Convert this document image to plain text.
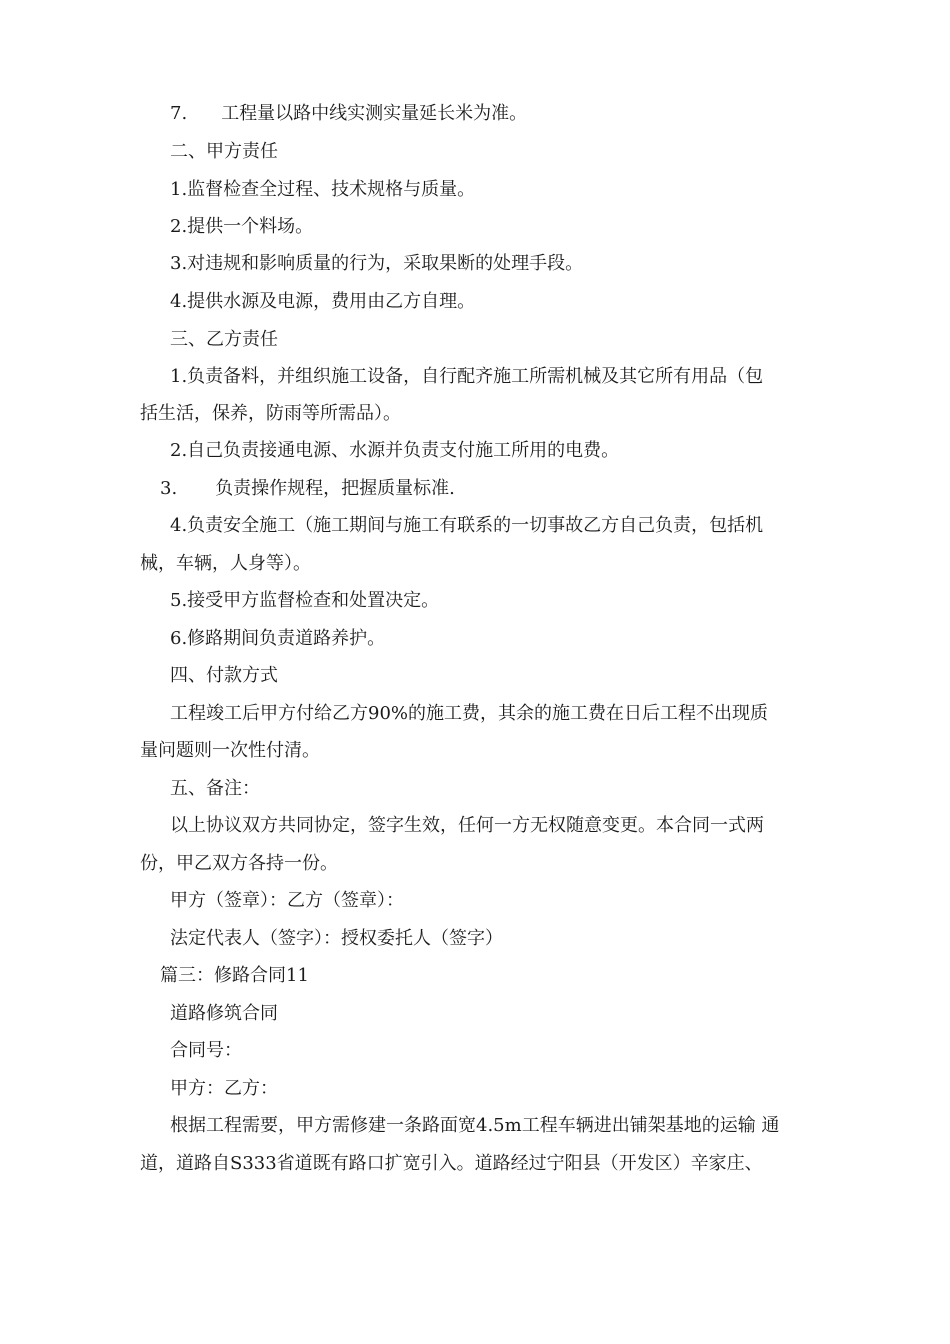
7. 工程量以路中线实测实量延长米为准。
二、甲方责任
1.监督检查全过程、技术规格与质量。
2.提供一个料场。
3.对违规和影响质量的行为，采取果断的处理手段。
4.提供水源及电源，费用由乙方自理。
三、乙方责任
1.负责备料，并组织施工设备，自行配齐施工所需机械及其它所有用品（包
括生活，保养，防雨等所需品）。
2.自己负责接通电源、水源并负责支付施工所用的电费。
3. 负责操作规程，把握质量标准.
4.负责安全施工（施工期间与施工有联系的一切事故乙方自己负责，包括机
械，车辆，人身等）。
5.接受甲方监督检查和处置决定。
6.修路期间负责道路养护。
四、付款方式
工程竣工后甲方付给乙方90%的施工费，其余的施工费在日后工程不出现质
量问题则一次性付清。
五、备注：
以上协议双方共同协定，签字生效，任何一方无权随意变更。本合同一式两
份，甲乙双方各持一份。
甲方（签章）：乙方（签章）：
法定代表人（签字）：授权委托人（签字）
篇三：修路合同11
道路修筑合同
合同号：
甲方：乙方：
根据工程需要，甲方需修建一条路面宽4.5m工程车辆进出铺架基地的运输 通
道，道路自S333省道既有路口扩宽引入。道路经过宁阳县（开发区）辛家庄、
